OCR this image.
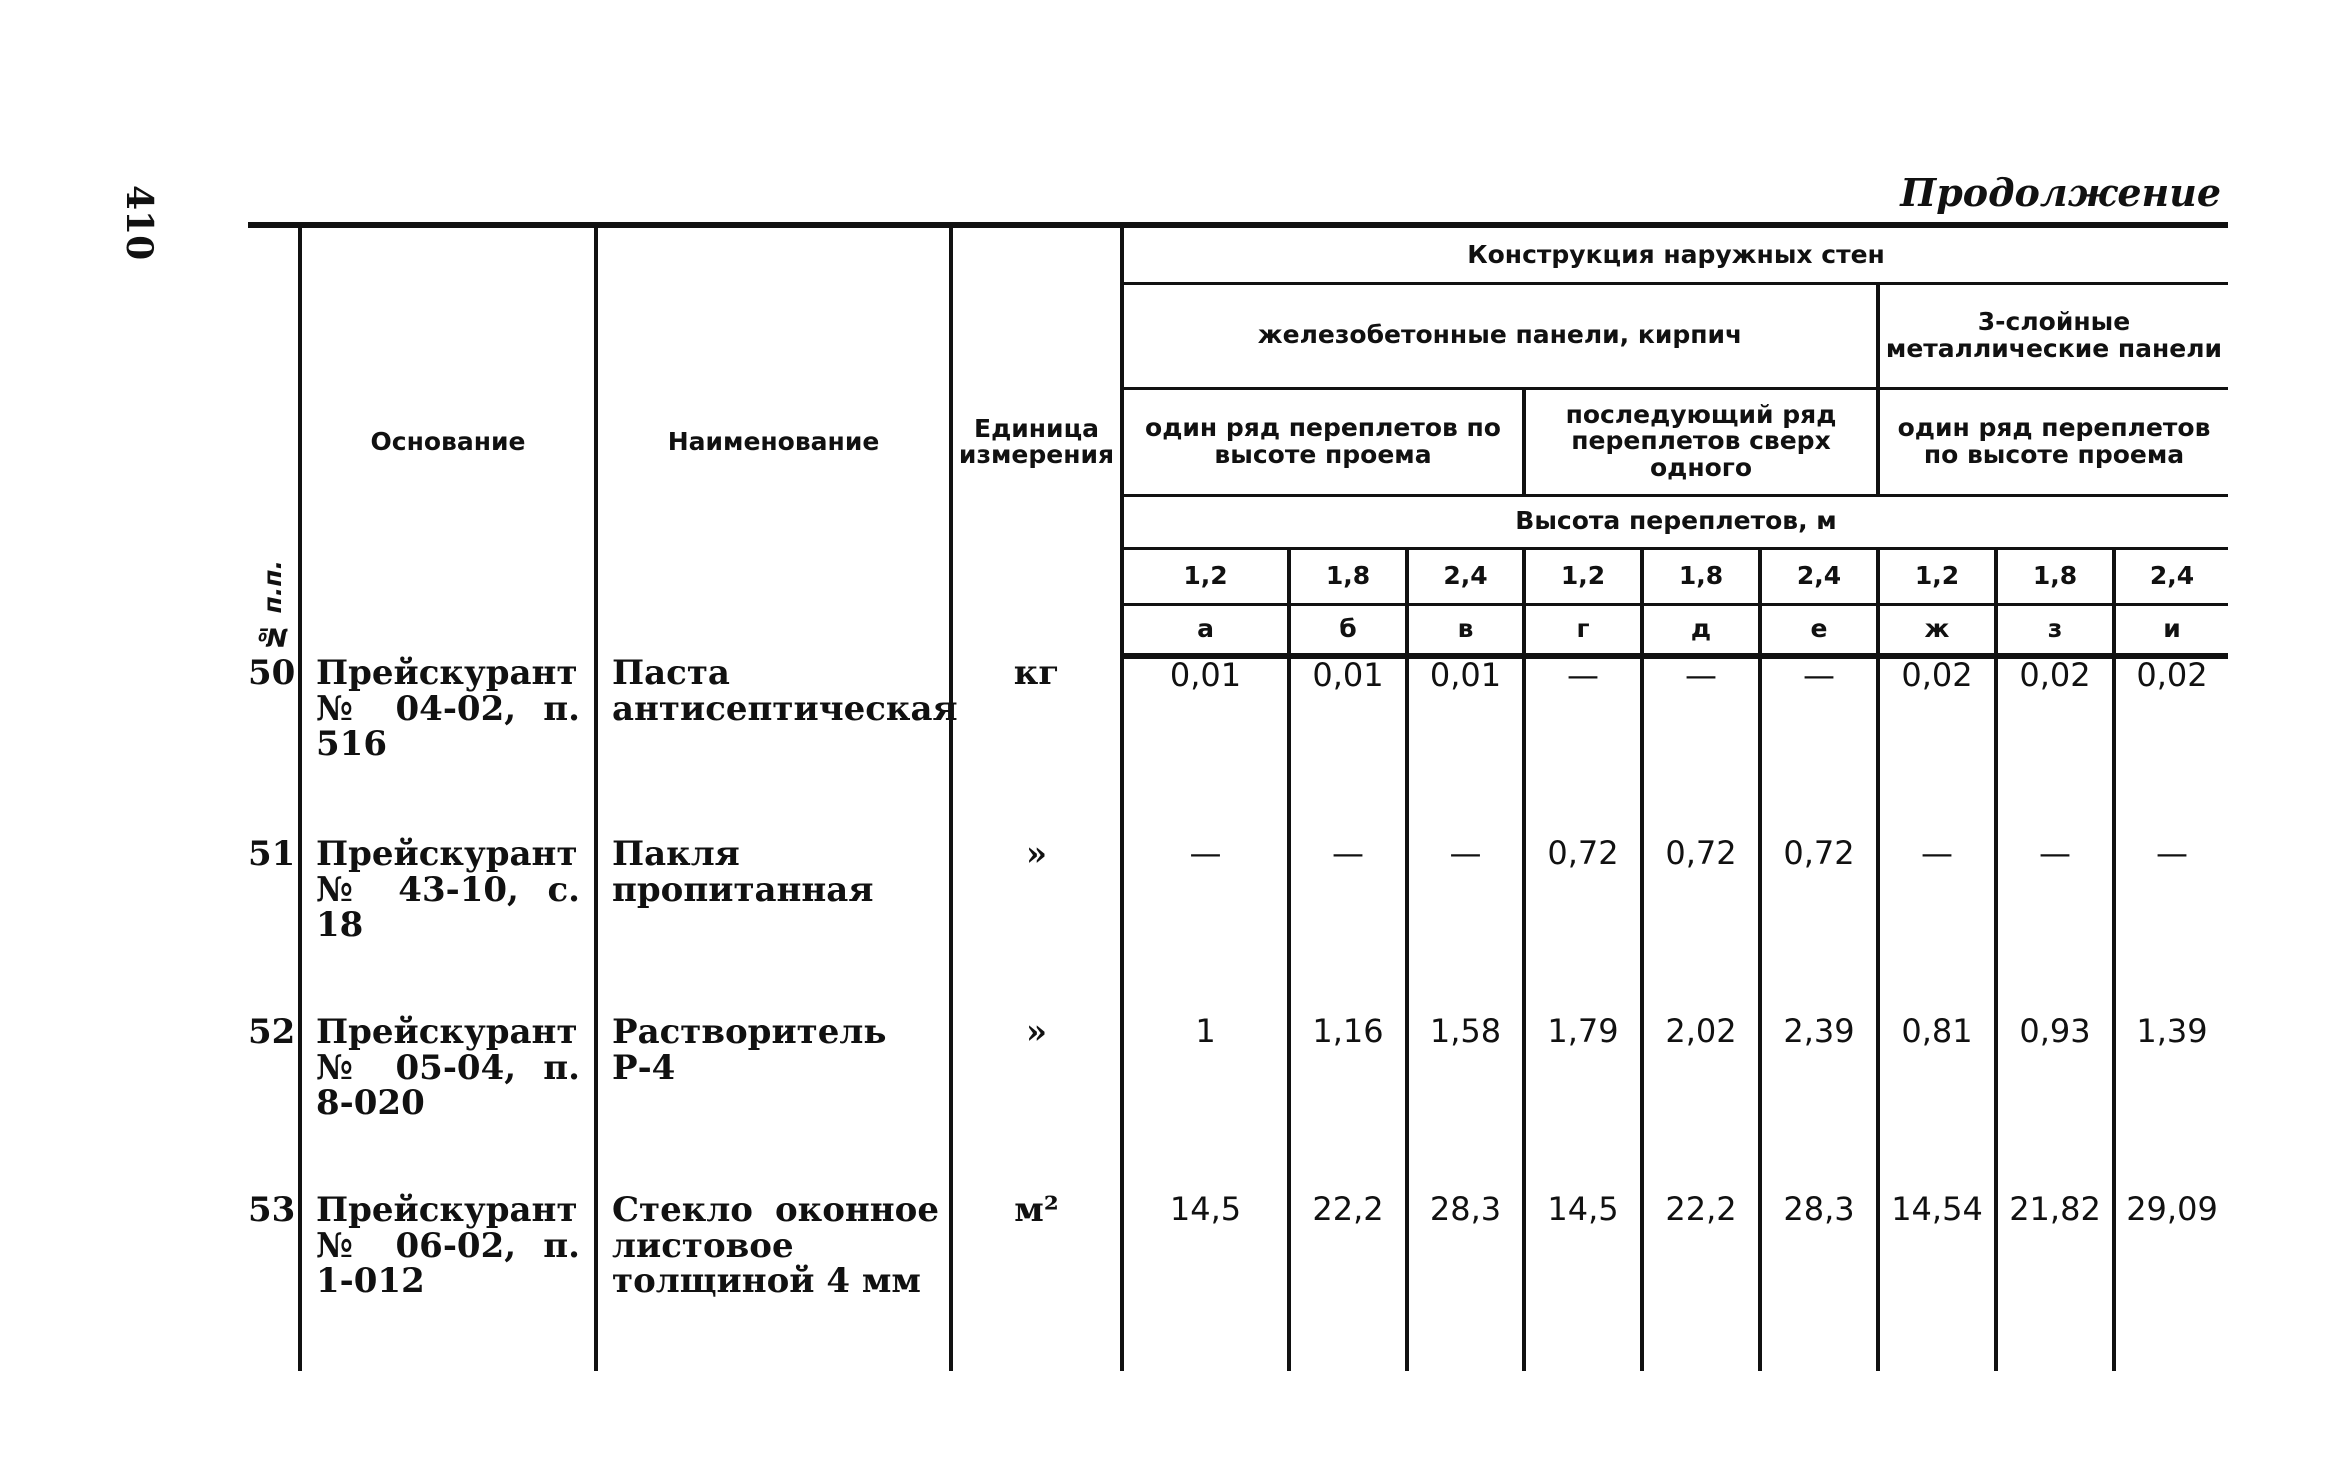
410	Продолжение
№ п.п.	Основание	Наименование	Единица измерения	Конструкция наружных стен								
				железобетонные панели, кирпич						3-слойные металлические панели		
				один ряд переплетов по высоте проема			последующий ряд переплетов сверх одного			один ряд переплетов по высоте проема		
				Высота переплетов, м								
				1,2	1,8	2,4	1,2	1,8	2,4	1,2	1,8	2,4
				а	б	в	г	д	е	ж	з	и
50	Прейскурант № 04-02, п. 516	Паста антисептическая	кг	0,01	0,01	0,01	—	—	—	0,02	0,02	0,02
51	Прейскурант № 43-10, с. 18	Пакля пропитанная	»	—	—	—	0,72	0,72	0,72	—	—	—
52	Прейскурант № 05-04, п. 8-020	Растворитель Р-4	»	1	1,16	1,58	1,79	2,02	2,39	0,81	0,93	1,39
53	Прейскурант № 06-02, п. 1-012	Стекло оконное листовое толщиной 4 мм	м²	14,5	22,2	28,3	14,5	22,2	28,3	14,54	21,82	29,09
